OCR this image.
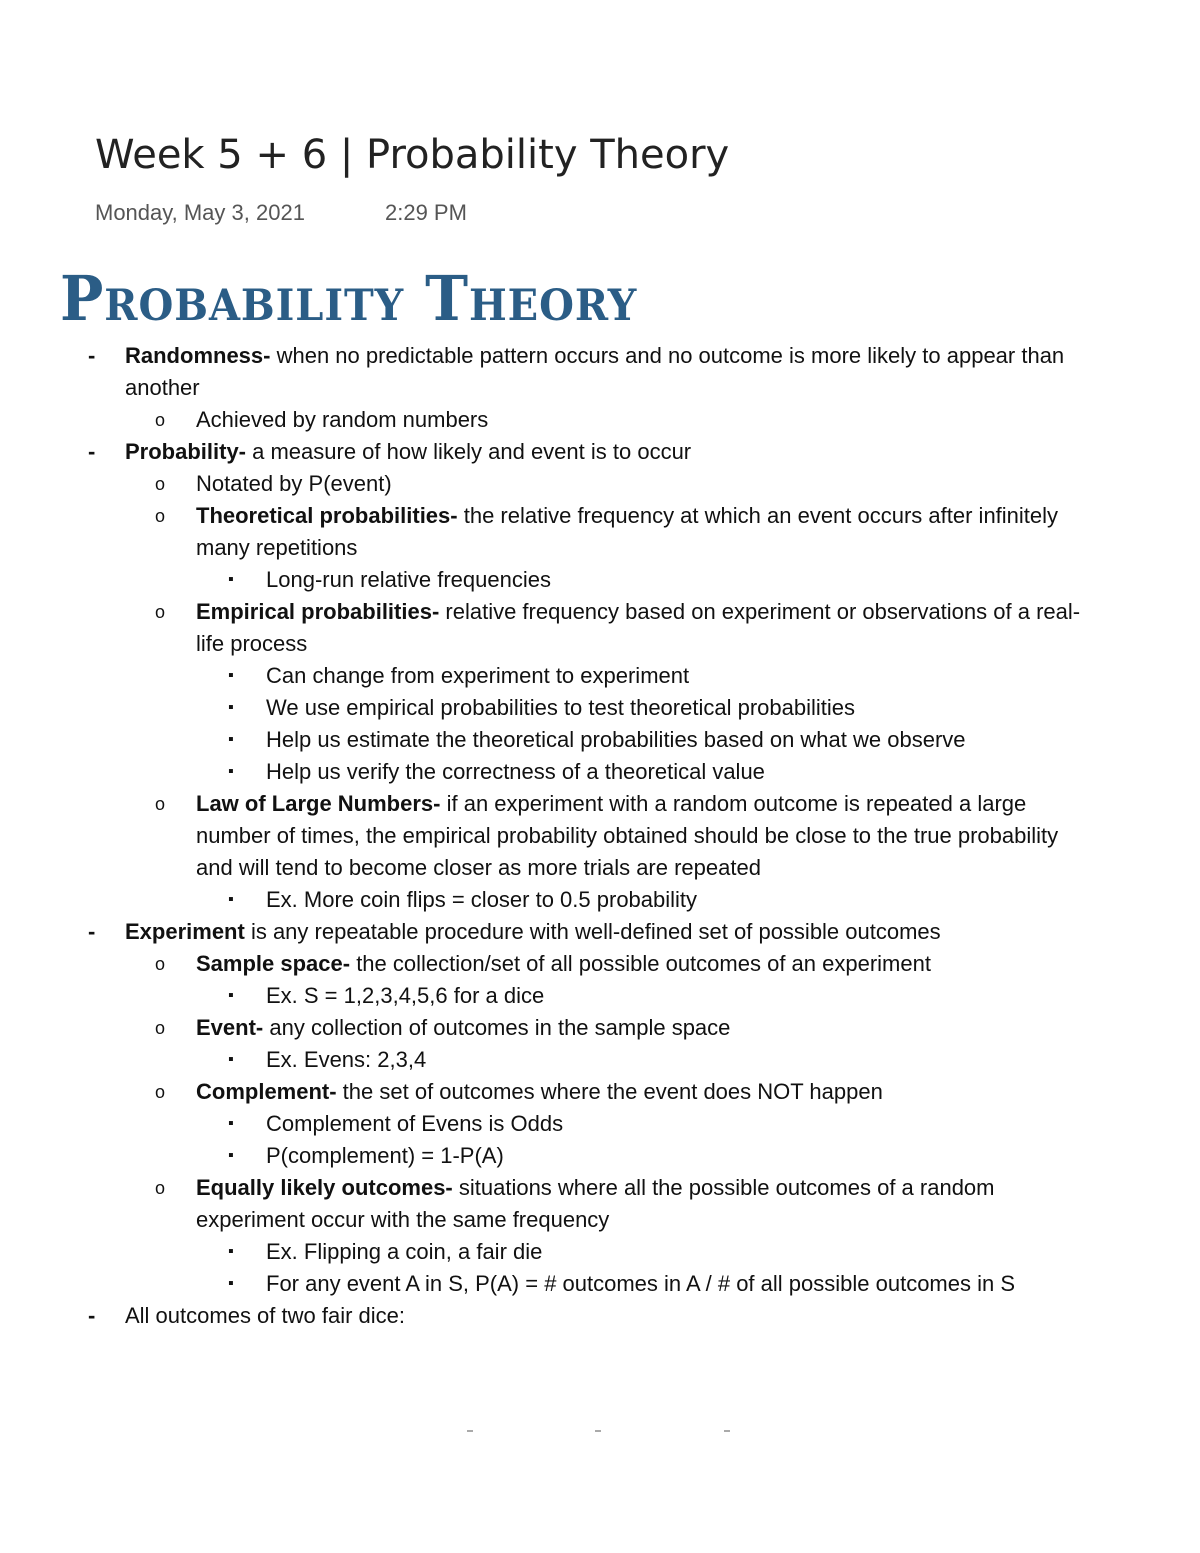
Week 5 + 6 | Probability Theory
Monday, May 3, 2021	2:29 PM
Probability Theory
- Randomness- when no predictable pattern occurs and no outcome is more likely to appear than
another
o Achieved by random numbers
- Probability- a measure of how likely and event is to occur
o Notated by P(event)
o Theoretical probabilities- the relative frequency at which an event occurs after infinitely
many repetitions
▪ Long-run relative frequencies
o Empirical probabilities- relative frequency based on experiment or observations of a real-
life process
▪ Can change from experiment to experiment
▪ We use empirical probabilities to test theoretical probabilities
▪ Help us estimate the theoretical probabilities based on what we observe
▪ Help us verify the correctness of a theoretical value
o Law of Large Numbers- if an experiment with a random outcome is repeated a large
number of times, the empirical probability obtained should be close to the true probability
and will tend to become closer as more trials are repeated
▪ Ex. More coin flips = closer to 0.5 probability
- Experiment is any repeatable procedure with well-defined set of possible outcomes
o Sample space- the collection/set of all possible outcomes of an experiment
▪ Ex. S = 1,2,3,4,5,6 for a dice
o Event- any collection of outcomes in the sample space
▪ Ex. Evens: 2,3,4
o Complement- the set of outcomes where the event does NOT happen
▪ Complement of Evens is Odds
▪ P(complement) = 1-P(A)
o Equally likely outcomes- situations where all the possible outcomes of a random
experiment occur with the same frequency
▪ Ex. Flipping a coin, a fair die
▪ For any event A in S, P(A) = # outcomes in A / # of all possible outcomes in S
- All outcomes of two fair dice:
